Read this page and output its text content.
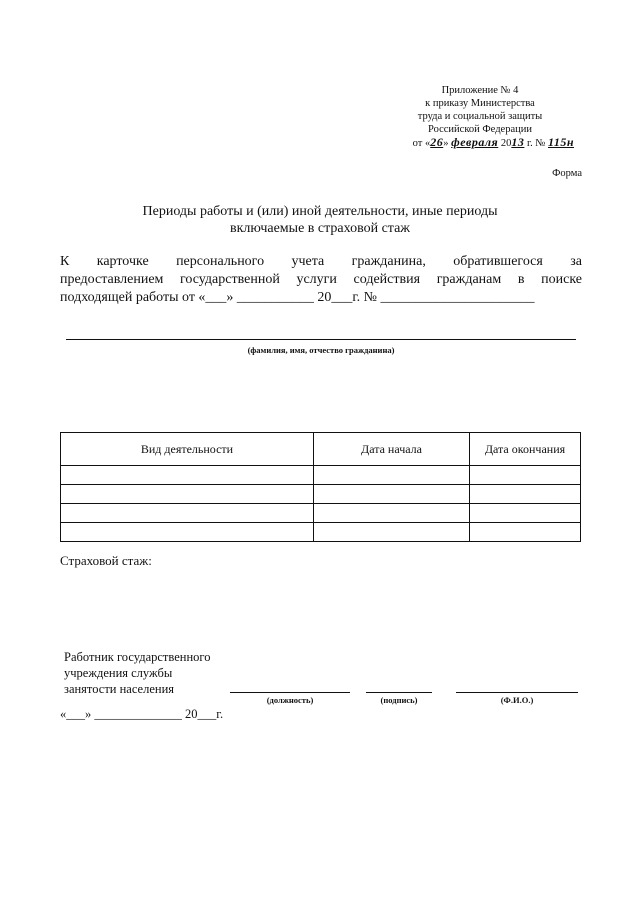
Приложение № 4
к приказу Министерства
труда и социальной защиты
Российской Федерации
от «26» февраля 2013 г. № 115н
Форма
Периоды работы и (или) иной деятельности, иные периоды
включаемые в страховой стаж
К карточке персонального учета гражданина, обратившегося за
предоставлением государственной услуги содействия гражданам в поиске
подходящей работы от «___» ___________ 20___г. № ______________________
(фамилия, имя, отчество гражданина)
Вид деятельности	Дата начала	Дата окончания

Страховой стаж:
Работник государственного
учреждения службы
занятости населения
(должность)	(подпись)	(Ф.И.О.)
«___» ______________ 20___г.
